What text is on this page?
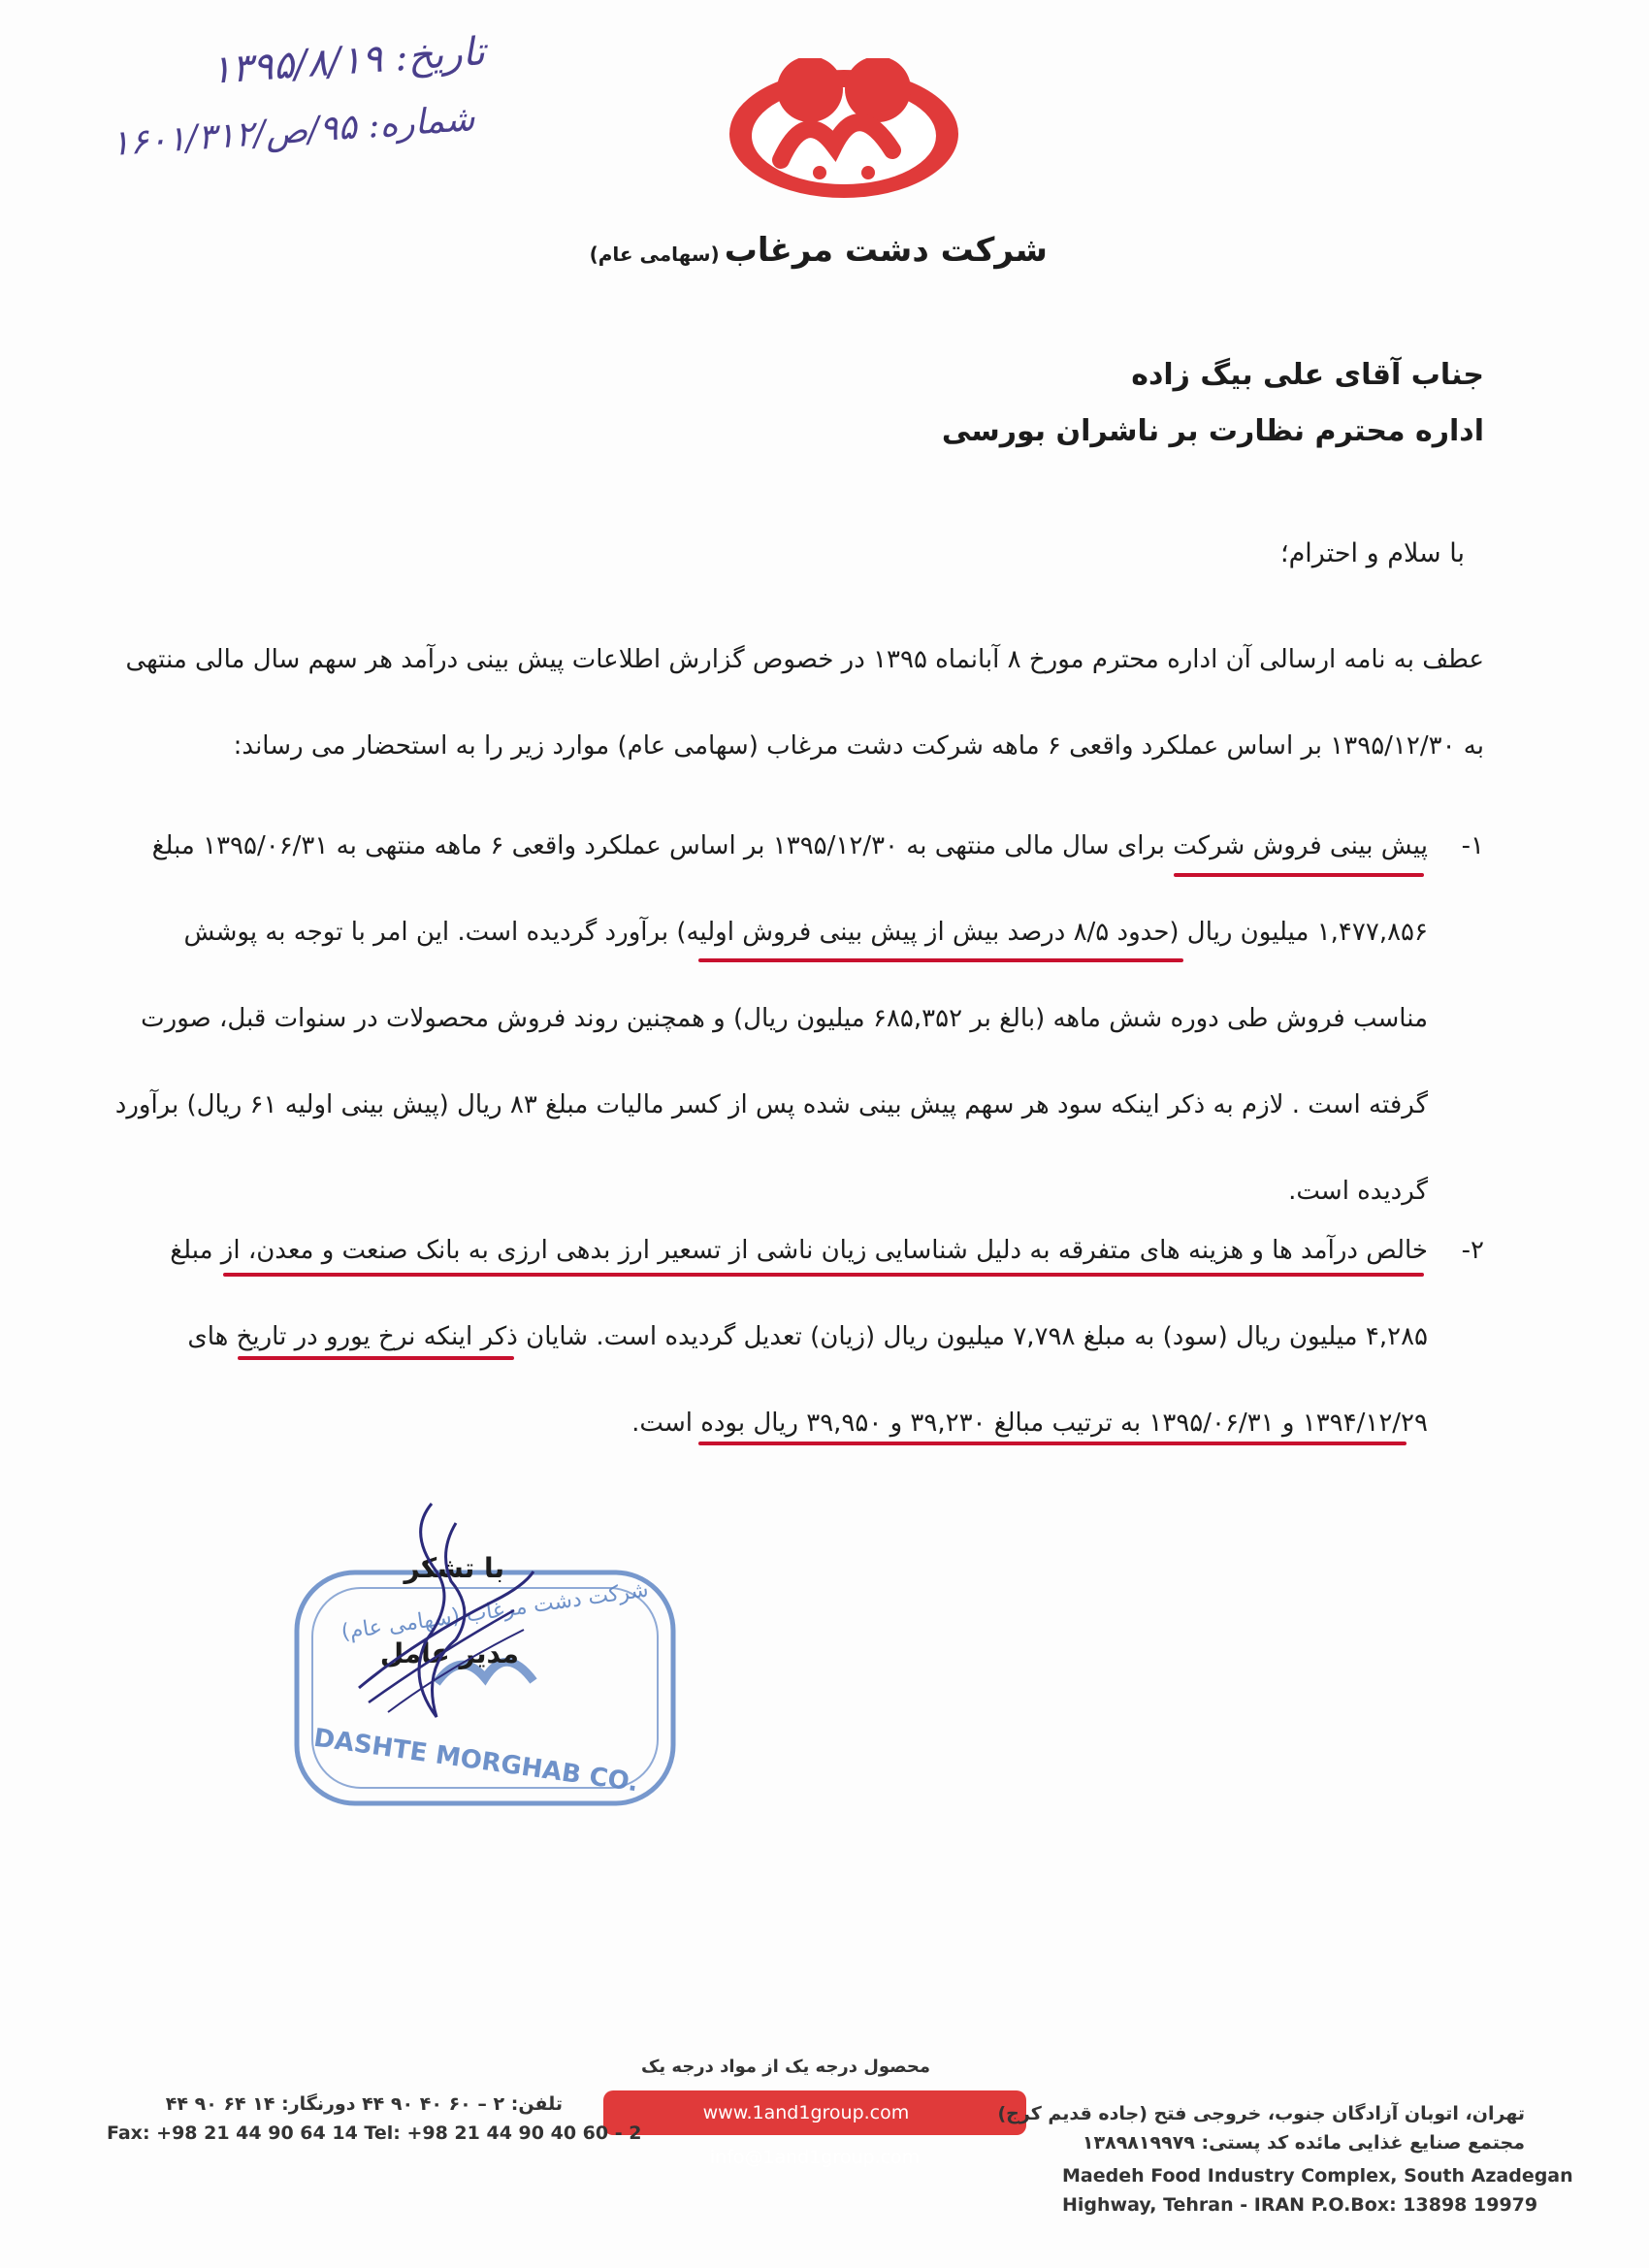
تاریخ: ۱۳۹۵/۸/۱۹
شماره: ۹۵/ص/۱۶۰۱/۳۱۲
شرکت دشت مرغاب (سهامی عام)
جناب آقای علی بیگ زاده
اداره محترم نظارت بر ناشران بورسی
با سلام و احترام؛
عطف به نامه ارسالی آن اداره محترم مورخ ۸ آبانماه ۱۳۹۵ در خصوص گزارش اطلاعات پیش بینی درآمد هر سهم سال مالی منتهی
به ۱۳۹۵/۱۲/۳۰ بر اساس عملکرد واقعی ۶ ماهه شرکت دشت مرغاب (سهامی عام) موارد زیر را به استحضار می رساند:
۱-
پیش بینی فروش شرکت برای سال مالی منتهی به ۱۳۹۵/۱۲/۳۰ بر اساس عملکرد واقعی ۶ ماهه منتهی به ۱۳۹۵/۰۶/۳۱ مبلغ
۱,۴۷۷,۸۵۶ میلیون ریال (حدود ۸/۵ درصد بیش از پیش بینی فروش اولیه) برآورد گردیده است. این امر با توجه به پوشش
مناسب فروش طی دوره شش ماهه (بالغ بر ۶۸۵,۳۵۲ میلیون ریال) و همچنین روند فروش محصولات در سنوات قبل، صورت
گرفته است . لازم به ذکر اینکه سود هر سهم پیش بینی شده پس از کسر مالیات مبلغ ۸۳ ریال (پیش بینی اولیه ۶۱ ریال) برآورد
گردیده است.
۲-
خالص درآمد ها و هزینه های متفرقه به دلیل شناسایی زیان ناشی از تسعیر ارز بدهی ارزی به بانک صنعت و معدن، از مبلغ
۴,۲۸۵ میلیون ریال (سود) به مبلغ ۷,۷۹۸ میلیون ریال (زیان) تعدیل گردیده است. شایان ذکر اینکه نرخ یورو در تاریخ های
۱۳۹۴/۱۲/۲۹ و ۱۳۹۵/۰۶/۳۱ به ترتیب مبالغ ۳۹,۲۳۰ و ۳۹,۹۵۰ ریال بوده است.
شرکت دشت مرغاب (سهامی عام)
DASHTE MORGHAB CO.
با تشکر
مدیر عامل
محصول درجه یک از مواد درجه یک
www.1and1group.com    info@1and1group.com
تلفن: ۲ – ۶۰ ۴۰ ۹۰ ۴۴ دورنگار: ۱۴ ۶۴ ۹۰ ۴۴
Fax: +98 21 44 90 64 14 Tel: +98 21 44 90 40 60 - 2
تهران، اتوبان آزادگان جنوب، خروجی فتح (جاده قدیم کرج)
مجتمع صنایع غذایی مائده کد پستی: ۱۳۸۹۸۱۹۹۷۹
Maedeh Food Industry Complex, South Azadegan
Highway, Tehran - IRAN P.O.Box: 13898 19979
